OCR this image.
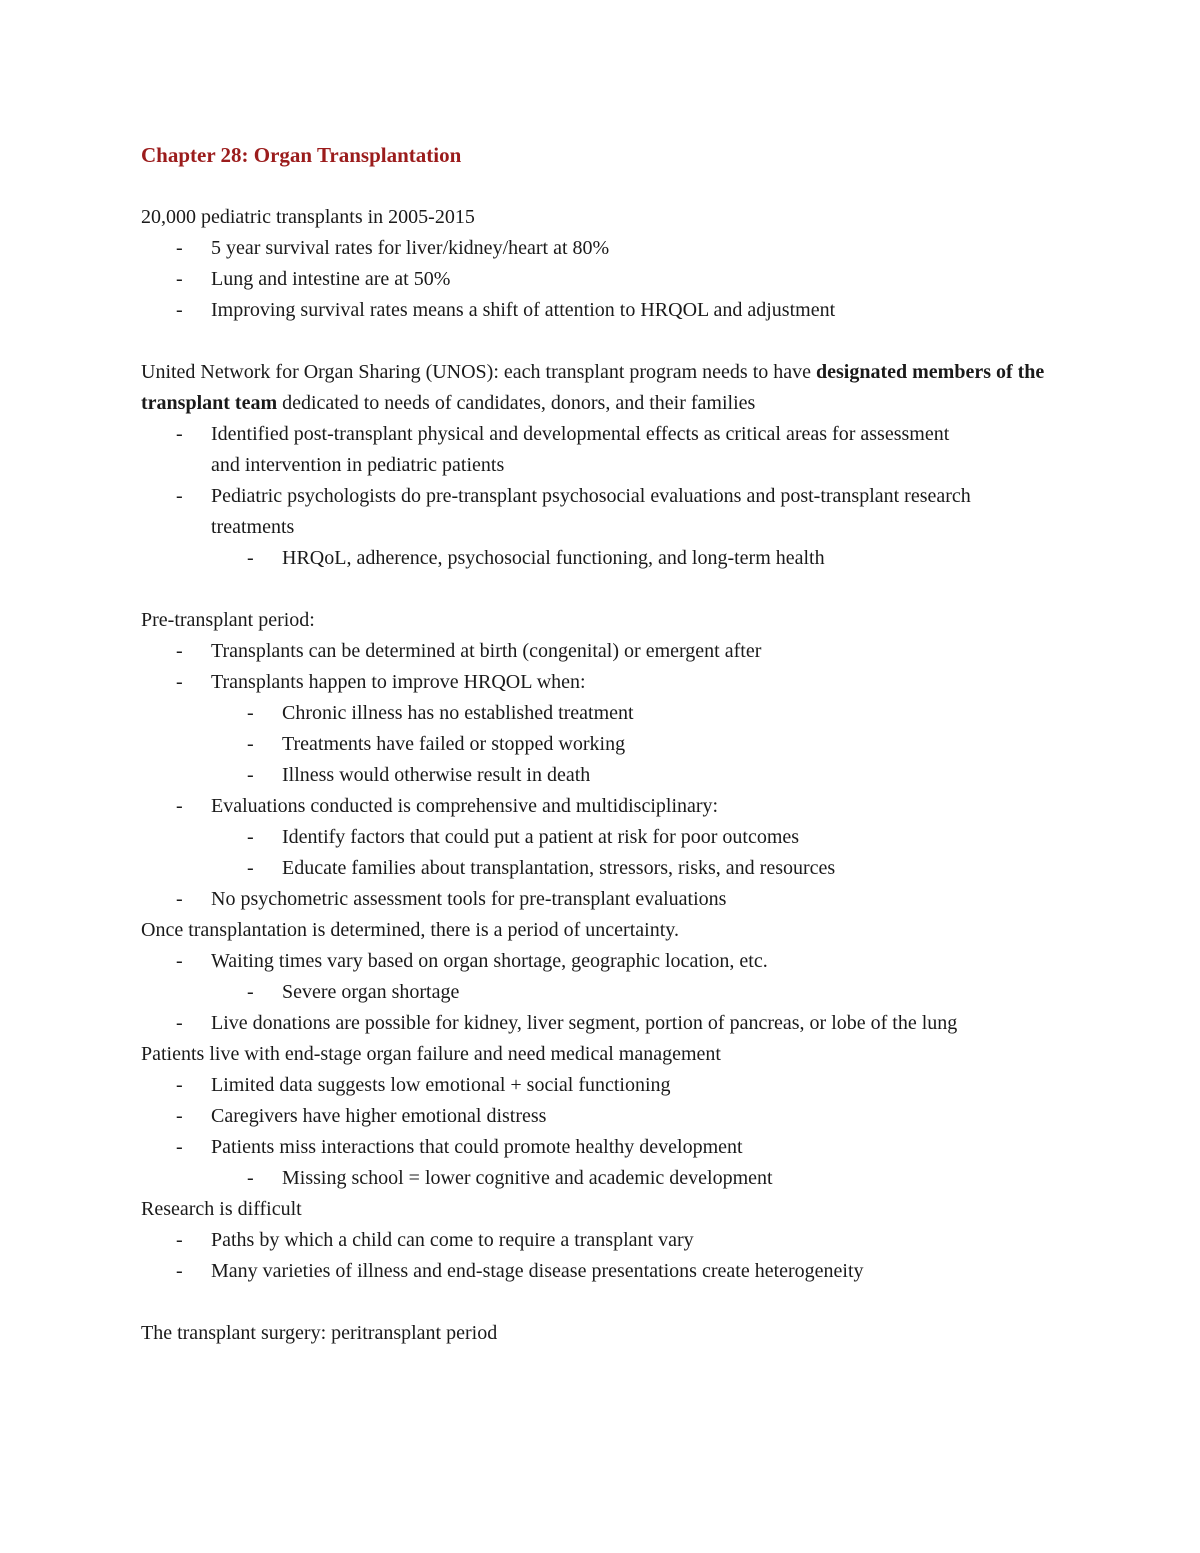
Chapter 28: Organ Transplantation
20,000 pediatric transplants in 2005-2015
-	5 year survival rates for liver/kidney/heart at 80%
-	Lung and intestine are at 50%
-	Improving survival rates means a shift of attention to HRQOL and adjustment
United Network for Organ Sharing (UNOS): each transplant program needs to have designated members of the transplant team dedicated to needs of candidates, donors, and their families
-	Identified post-transplant physical and developmental effects as critical areas for assessment and intervention in pediatric patients
-	Pediatric psychologists do pre-transplant psychosocial evaluations and post-transplant research treatments
-	HRQoL, adherence, psychosocial functioning, and long-term health
Pre-transplant period:
-	Transplants can be determined at birth (congenital) or emergent after
-	Transplants happen to improve HRQOL when:
-	Chronic illness has no established treatment
-	Treatments have failed or stopped working
-	Illness would otherwise result in death
-	Evaluations conducted is comprehensive and multidisciplinary:
-	Identify factors that could put a patient at risk for poor outcomes
-	Educate families about transplantation, stressors, risks, and resources
-	No psychometric assessment tools for pre-transplant evaluations
Once transplantation is determined, there is a period of uncertainty.
-	Waiting times vary based on organ shortage, geographic location, etc.
-	Severe organ shortage
-	Live donations are possible for kidney, liver segment, portion of pancreas, or lobe of the lung
Patients live with end-stage organ failure and need medical management
-	Limited data suggests low emotional + social functioning
-	Caregivers have higher emotional distress
-	Patients miss interactions that could promote healthy development
-	Missing school = lower cognitive and academic development
Research is difficult
-	Paths by which a child can come to require a transplant vary
-	Many varieties of illness and end-stage disease presentations create heterogeneity
The transplant surgery: peritransplant period
